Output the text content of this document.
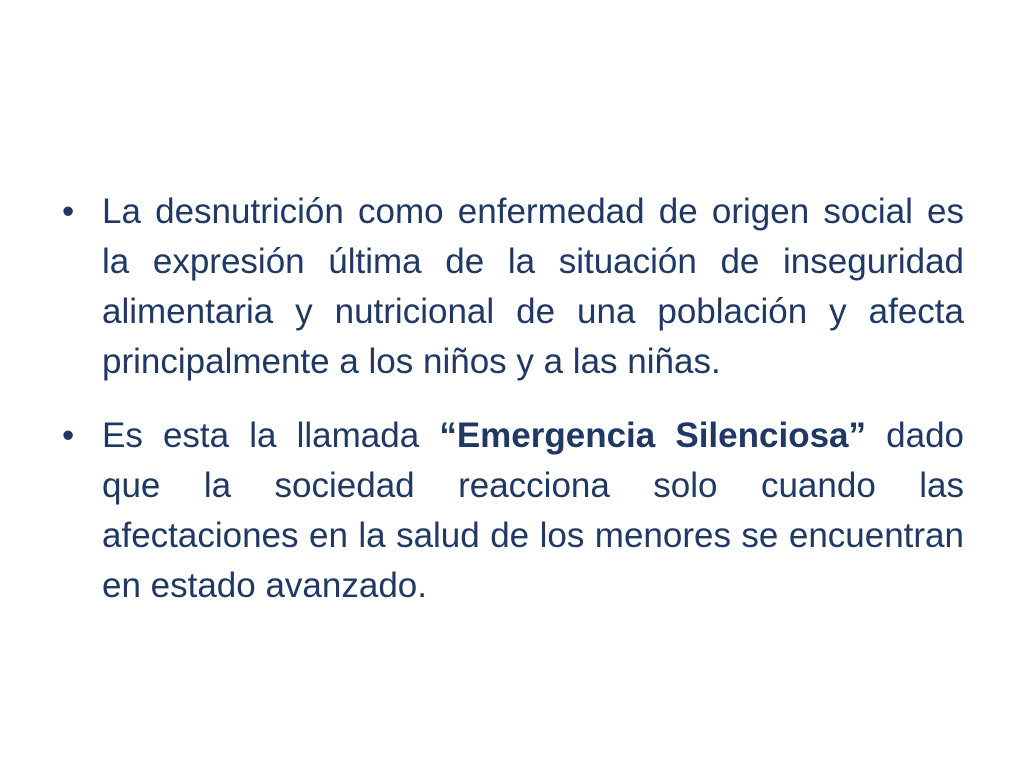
• La desnutrición como enfermedad de origen social es la expresión última de la situación de inseguridad alimentaria y nutricional de una población y afecta principalmente a los niños y a las niñas.
• Es esta la llamada “Emergencia Silenciosa” dado que la sociedad reacciona solo cuando las afectaciones en la salud de los menores se encuentran en estado avanzado.
